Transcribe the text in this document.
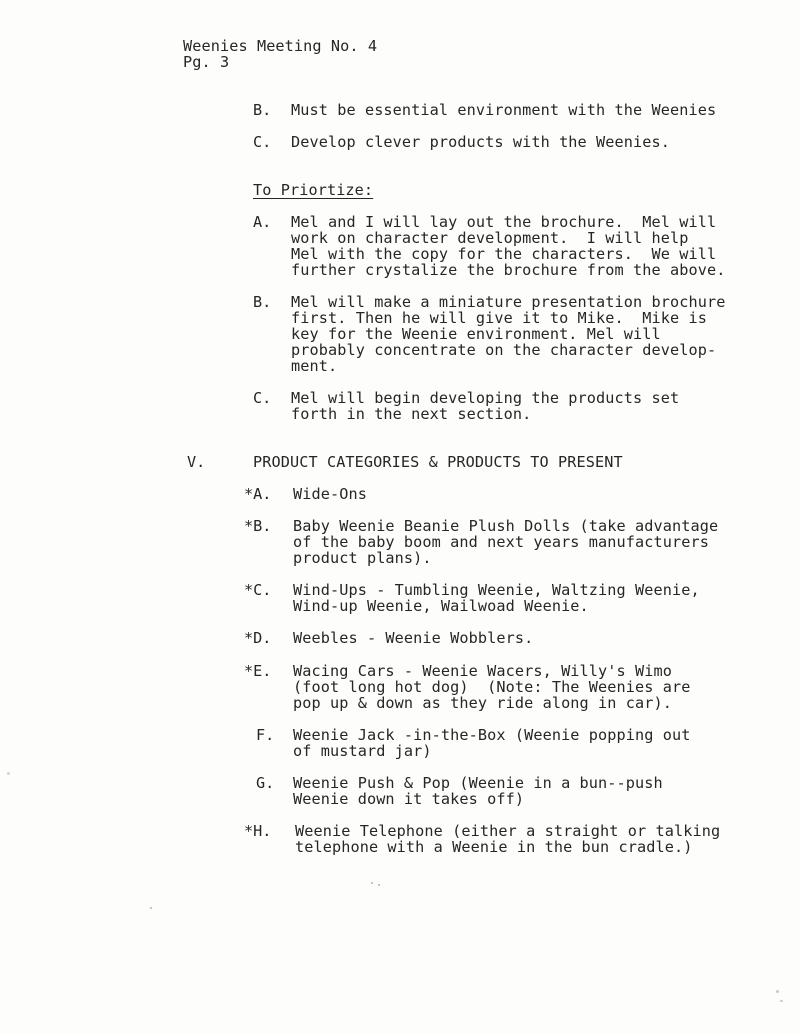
Weenies Meeting No. 4
Pg. 3
B. Must be essential environment with the Weenies
C. Develop clever products with the Weenies.
To Priortize:
A. Mel and I will lay out the brochure.  Mel will
work on character development.  I will help
Mel with the copy for the characters.  We will
further crystalize the brochure from the above.
B. Mel will make a miniature presentation brochure
first. Then he will give it to Mike.  Mike is
key for the Weenie environment. Mel will
probably concentrate on the character develop-
ment.
C. Mel will begin developing the products set
forth in the next section.
V.	PRODUCT CATEGORIES & PRODUCTS TO PRESENT
*A. Wide-Ons
*B. Baby Weenie Beanie Plush Dolls (take advantage
of the baby boom and next years manufacturers
product plans).
*C. Wind-Ups - Tumbling Weenie, Waltzing Weenie,
Wind-up Weenie, Wailwoad Weenie.
*D. Weebles - Weenie Wobblers.
*E. Wacing Cars - Weenie Wacers, Willy's Wimo
(foot long hot dog)  (Note: The Weenies are
pop up & down as they ride along in car).
F. Weenie Jack -in-the-Box (Weenie popping out
of mustard jar)
G. Weenie Push & Pop (Weenie in a bun--push
Weenie down it takes off)
*H. Weenie Telephone (either a straight or talking
telephone with a Weenie in the bun cradle.)
